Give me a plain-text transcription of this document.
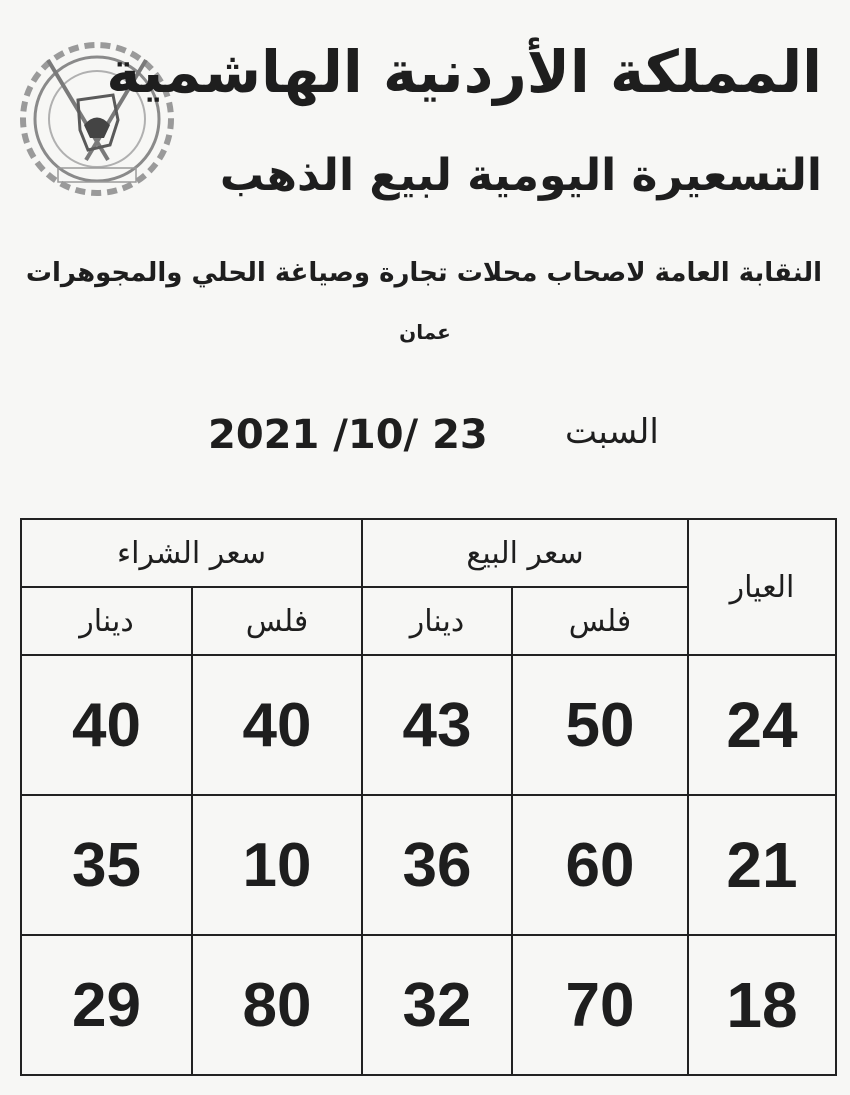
المملكة الأردنية الهاشمية
التسعيرة اليومية لبيع الذهب
النقابة العامة لاصحاب محلات تجارة وصياغة الحلي والمجوهرات
عمان
السبت
2021 /10/ 23
العيار	سعر البيع		سعر الشراء	
	فلس	دينار	فلس	دينار
24	50	43	40	40
21	60	36	10	35
18	70	32	80	29
